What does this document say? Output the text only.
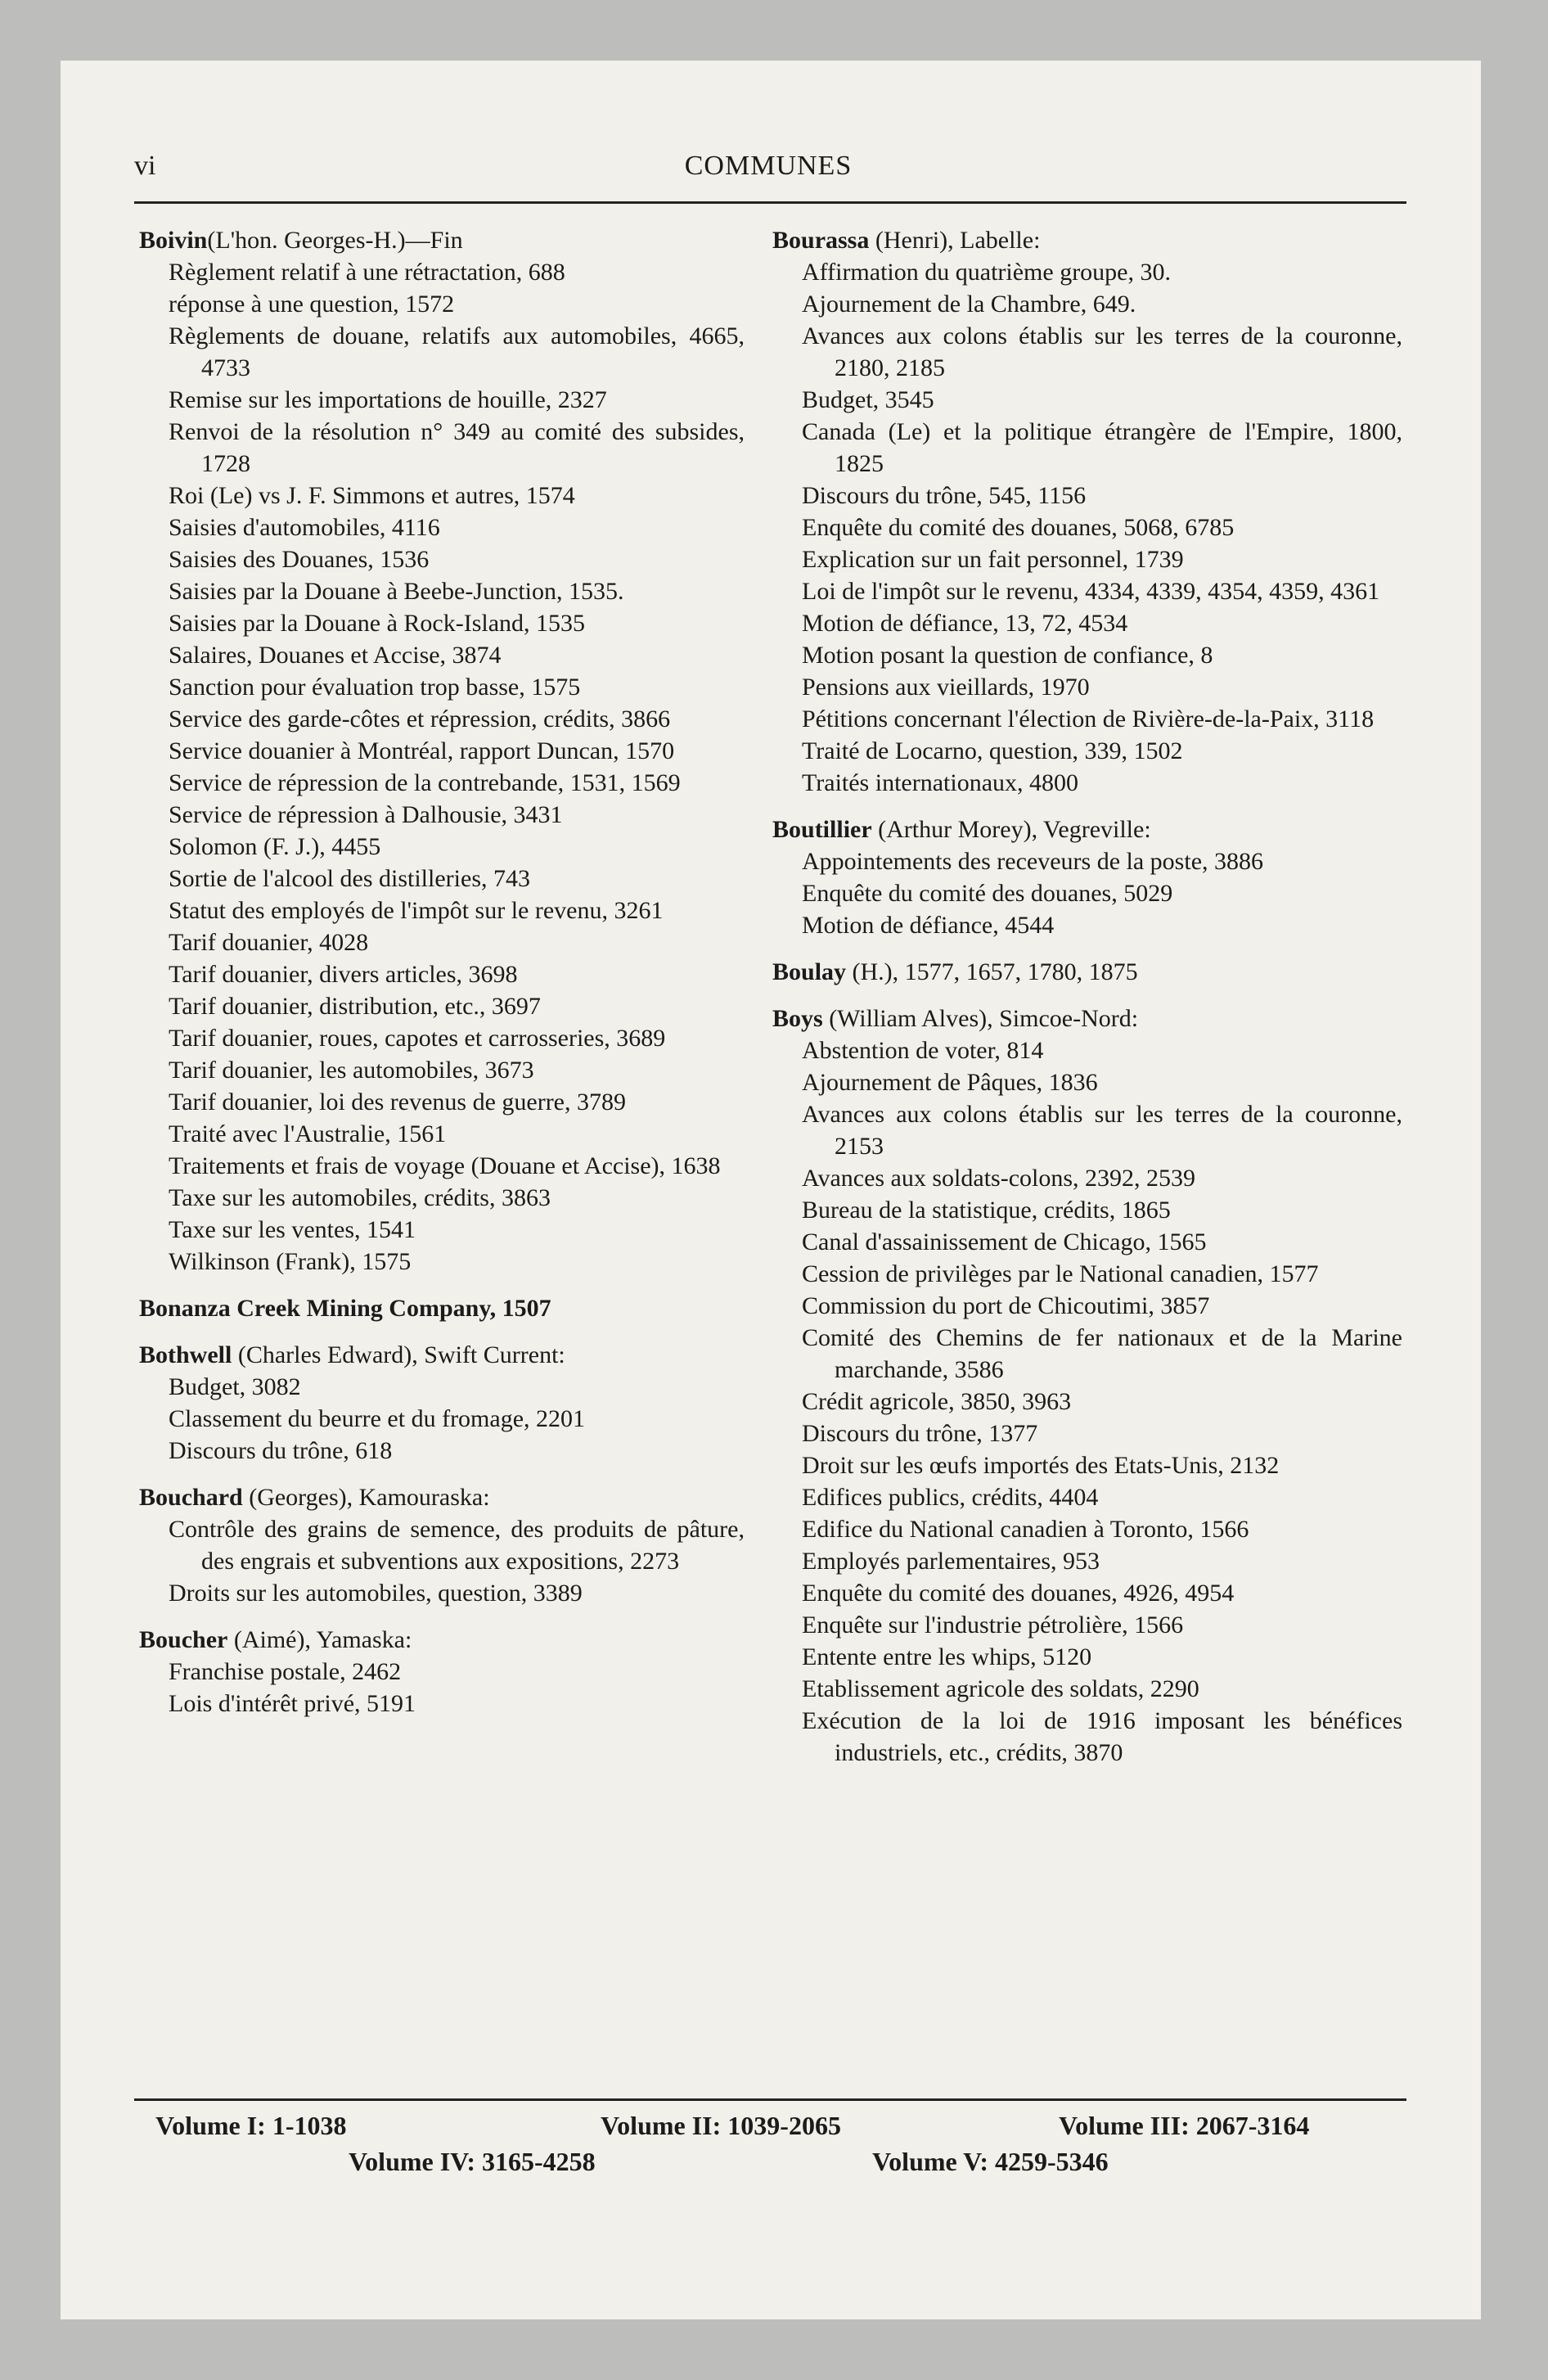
vi	COMMUNES
Boivin(L'hon. Georges-H.)—Fin
Règlement relatif à une rétractation, 688
réponse à une question, 1572
Règlements de douane, relatifs aux automobiles, 4665, 4733
Remise sur les importations de houille, 2327
Renvoi de la résolution n° 349 au comité des subsides, 1728
Roi (Le) vs J. F. Simmons et autres, 1574
Saisies d'automobiles, 4116
Saisies des Douanes, 1536
Saisies par la Douane à Beebe-Junction, 1535.
Saisies par la Douane à Rock-Island, 1535
Salaires, Douanes et Accise, 3874
Sanction pour évaluation trop basse, 1575
Service des garde-côtes et répression, crédits, 3866
Service douanier à Montréal, rapport Duncan, 1570
Service de répression de la contrebande, 1531, 1569
Service de répression à Dalhousie, 3431
Solomon (F. J.), 4455
Sortie de l'alcool des distilleries, 743
Statut des employés de l'impôt sur le revenu, 3261
Tarif douanier, 4028
Tarif douanier, divers articles, 3698
Tarif douanier, distribution, etc., 3697
Tarif douanier, roues, capotes et carrosseries, 3689
Tarif douanier, les automobiles, 3673
Tarif douanier, loi des revenus de guerre, 3789
Traité avec l'Australie, 1561
Traitements et frais de voyage (Douane et Accise), 1638
Taxe sur les automobiles, crédits, 3863
Taxe sur les ventes, 1541
Wilkinson (Frank), 1575
Bonanza Creek Mining Company, 1507
Bothwell (Charles Edward), Swift Current:
Budget, 3082
Classement du beurre et du fromage, 2201
Discours du trône, 618
Bouchard (Georges), Kamouraska:
Contrôle des grains de semence, des produits de pâture, des engrais et subventions aux expositions, 2273
Droits sur les automobiles, question, 3389
Boucher (Aimé), Yamaska:
Franchise postale, 2462
Lois d'intérêt privé, 5191
Bourassa (Henri), Labelle:
Affirmation du quatrième groupe, 30.
Ajournement de la Chambre, 649.
Avances aux colons établis sur les terres de la couronne, 2180, 2185
Budget, 3545
Canada (Le) et la politique étrangère de l'Empire, 1800, 1825
Discours du trône, 545, 1156
Enquête du comité des douanes, 5068, 6785
Explication sur un fait personnel, 1739
Loi de l'impôt sur le revenu, 4334, 4339, 4354, 4359, 4361
Motion de défiance, 13, 72, 4534
Motion posant la question de confiance, 8
Pensions aux vieillards, 1970
Pétitions concernant l'élection de Rivière-de-la-Paix, 3118
Traité de Locarno, question, 339, 1502
Traités internationaux, 4800
Boutillier (Arthur Morey), Vegreville:
Appointements des receveurs de la poste, 3886
Enquête du comité des douanes, 5029
Motion de défiance, 4544
Boulay (H.), 1577, 1657, 1780, 1875
Boys (William Alves), Simcoe-Nord:
Abstention de voter, 814
Ajournement de Pâques, 1836
Avances aux colons établis sur les terres de la couronne, 2153
Avances aux soldats-colons, 2392, 2539
Bureau de la statistique, crédits, 1865
Canal d'assainissement de Chicago, 1565
Cession de privilèges par le National canadien, 1577
Commission du port de Chicoutimi, 3857
Comité des Chemins de fer nationaux et de la Marine marchande, 3586
Crédit agricole, 3850, 3963
Discours du trône, 1377
Droit sur les œufs importés des Etats-Unis, 2132
Edifices publics, crédits, 4404
Edifice du National canadien à Toronto, 1566
Employés parlementaires, 953
Enquête du comité des douanes, 4926, 4954
Enquête sur l'industrie pétrolière, 1566
Entente entre les whips, 5120
Etablissement agricole des soldats, 2290
Exécution de la loi de 1916 imposant les bénéfices industriels, etc., crédits, 3870
Volume I: 1-1038	Volume II: 1039-2065	Volume III: 2067-3164
Volume IV: 3165-4258	Volume V: 4259-5346
